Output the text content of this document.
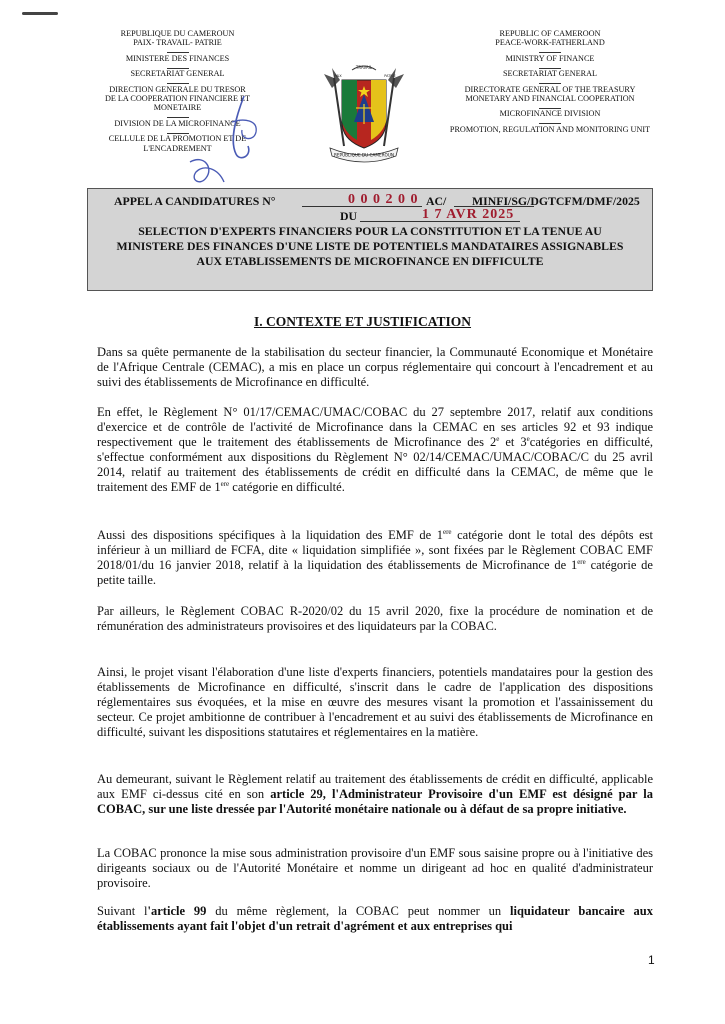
REPUBLIQUE DU CAMEROUN
PAIX- TRAVAIL- PATRIE
MINISTERE DES FINANCES
SECRETARIAT GENERAL
DIRECTION GENERALE DU TRESOR
DE LA COOPERATION FINANCIERE ET
MONETAIRE
DIVISION DE LA MICROFINANCE
CELLULE DE LA PROMOTION ET DE
L'ENCADREMENT
REPUBLIC OF CAMEROON
PEACE-WORK-FATHERLAND
MINISTRY OF FINANCE
SECRETARIAT GENERAL
DIRECTORATE GENERAL OF THE TREASURY
MONETARY AND FINANCIAL COOPERATION
MICROFINANCE DIVISION
PROMOTION, REGULATION AND MONITORING UNIT
TRAVAIL
PAIX	PATRIE
REPUBLIQUE DU CAMEROUN
APPEL A CANDIDATURES N°	0 0 0 2 0 0 AC/ MINFI/SG/DGTCFM/DMF/2025
DU	1 7 AVR 2025
SELECTION D'EXPERTS FINANCIERS POUR LA CONSTITUTION ET LA TENUE AU MINISTERE DES FINANCES D'UNE LISTE DE POTENTIELS MANDATAIRES ASSIGNABLES AUX ETABLISSEMENTS DE MICROFINANCE EN DIFFICULTE
I. CONTEXTE ET JUSTIFICATION

Dans sa quête permanente de la stabilisation du secteur financier, la Communauté Economique et Monétaire de l'Afrique Centrale (CEMAC), a mis en place un corpus réglementaire qui concourt à l'encadrement et au suivi des établissements de Microfinance en difficulté.

En effet, le Règlement N° 01/17/CEMAC/UMAC/COBAC du 27 septembre 2017, relatif aux conditions d'exercice et de contrôle de l'activité de Microfinance dans la CEMAC en ses articles 92 et 93 indique respectivement que le traitement des établissements de Microfinance des 2e et 3ecatégories en difficulté, s'effectue conformément aux dispositions du Règlement N° 02/14/CEMAC/UMAC/COBAC/C du 25 avril 2014, relatif au traitement des établissements de crédit en difficulté dans la CEMAC, de même que le traitement des EMF de 1ere catégorie en difficulté.

Aussi des dispositions spécifiques à la liquidation des EMF de 1ere catégorie dont le total des dépôts est inférieur à un milliard de FCFA, dite « liquidation simplifiée », sont fixées par le Règlement COBAC EMF 2018/01/du 16 janvier 2018, relatif à la liquidation des établissements de Microfinance de 1ere catégorie de petite taille.

Par ailleurs, le Règlement COBAC R-2020/02 du 15 avril 2020, fixe la procédure de nomination et de rémunération des administrateurs provisoires et des liquidateurs par la COBAC.

Ainsi, le projet visant l'élaboration d'une liste d'experts financiers, potentiels mandataires pour la gestion des établissements de Microfinance en difficulté, s'inscrit dans le cadre de l'application des dispositions réglementaires sus évoquées, et la mise en œuvre des mesures visant la promotion et l'assainissement du secteur. Ce projet ambitionne de contribuer à l'encadrement et au suivi des établissements de Microfinance en difficulté, suivant les dispositions statutaires et réglementaires en la matière.

Au demeurant, suivant le Règlement relatif au traitement des établissements de crédit en difficulté, applicable aux EMF ci-dessus cité en son article 29, l'Administrateur Provisoire d'un EMF est désigné par la COBAC, sur une liste dressée par l'Autorité monétaire nationale ou à défaut de sa propre initiative.

La COBAC prononce la mise sous administration provisoire d'un EMF sous saisine propre ou à l'initiative des dirigeants sociaux ou de l'Autorité Monétaire et nomme un dirigeant ad hoc en qualité d'administrateur provisoire.

Suivant l'article 99 du même règlement, la COBAC peut nommer un liquidateur bancaire aux établissements ayant fait l'objet d'un retrait d'agrément et aux entreprises qui

1
